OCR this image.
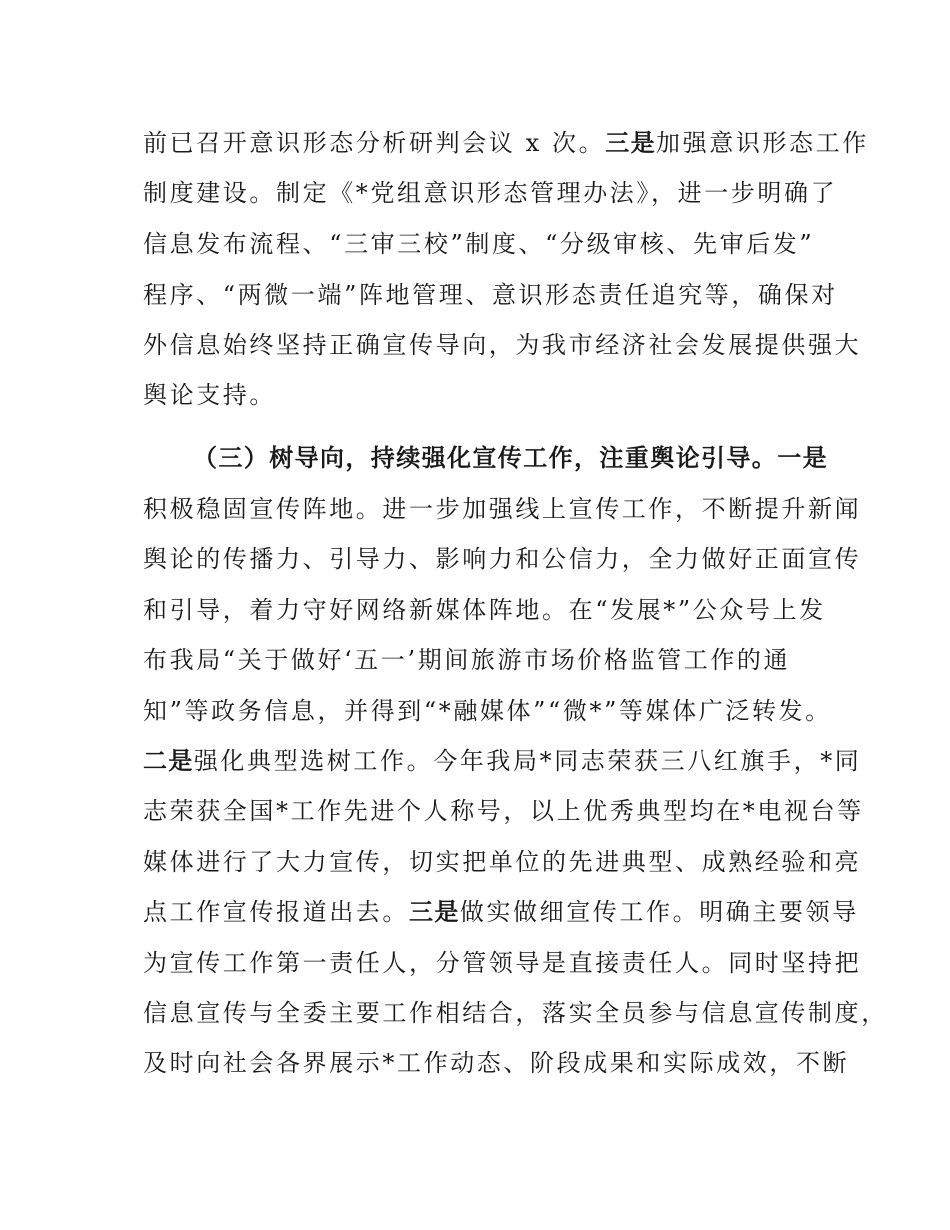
前已召开意识形态分析研判会议 x 次。三是加强意识形态工作
制度建设。制定《*党组意识形态管理办法》，进一步明确了
信息发布流程、“三审三校”制度、“分级审核、先审后发”
程序、“两微一端”阵地管理、意识形态责任追究等，确保对
外信息始终坚持正确宣传导向，为我市经济社会发展提供强大
舆论支持。
（三）树导向，持续强化宣传工作，注重舆论引导。一是
积极稳固宣传阵地。进一步加强线上宣传工作，不断提升新闻
舆论的传播力、引导力、影响力和公信力，全力做好正面宣传
和引导，着力守好网络新媒体阵地。在“发展*”公众号上发
布我局“关于做好‘五一’期间旅游市场价格监管工作的通
知”等政务信息，并得到“*融媒体”“微*”等媒体广泛转发。
二是强化典型选树工作。今年我局*同志荣获三八红旗手，*同
志荣获全国*工作先进个人称号，以上优秀典型均在*电视台等
媒体进行了大力宣传，切实把单位的先进典型、成熟经验和亮
点工作宣传报道出去。三是做实做细宣传工作。明确主要领导
为宣传工作第一责任人，分管领导是直接责任人。同时坚持把
信息宣传与全委主要工作相结合，落实全员参与信息宣传制度，
及时向社会各界展示*工作动态、阶段成果和实际成效，不断
